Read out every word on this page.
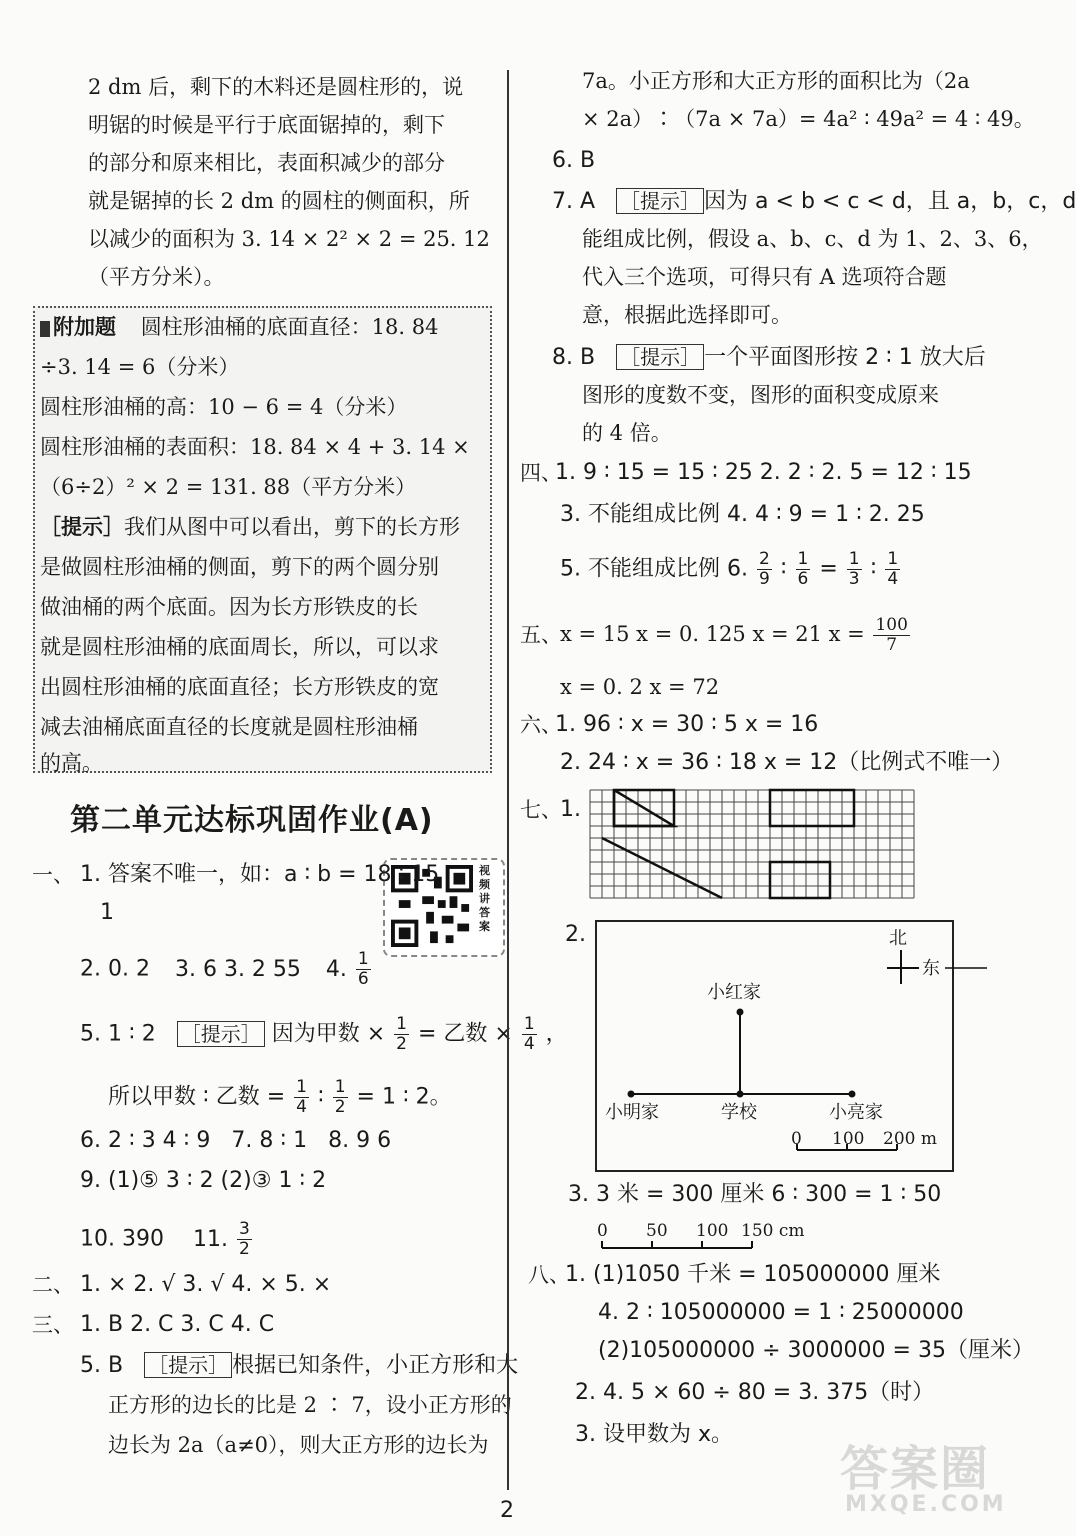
2 dm 后，剩下的木料还是圆柱形的，说
明锯的时候是平行于底面锯掉的，剩下
的部分和原来相比，表面积减少的部分
就是锯掉的长 2 dm 的圆柱的侧面积，所
以减少的面积为 3. 14 × 2² × 2 = 25. 12
（平方分米）。
附加题 圆柱形油桶的底面直径：18. 84
÷3. 14 = 6（分米）
圆柱形油桶的高：10 − 6 = 4（分米）
圆柱形油桶的表面积：18. 84 × 4 + 3. 14 ×
（6÷2）² × 2 = 131. 88（平方分米）
［提示］我们从图中可以看出，剪下的长方形
是做圆柱形油桶的侧面，剪下的两个圆分别
做油桶的两个底面。因为长方形铁皮的长
就是圆柱形油桶的底面周长，所以，可以求
出圆柱形油桶的底面直径；长方形铁皮的宽
减去油桶底面直径的长度就是圆柱形油桶
的高。
第二单元达标巩固作业(A)
视频讲答案
一、 1. 答案不唯一，如：a ∶ b = 18 ∶ 15
1
2. 0. 2 3. 6 3. 2 55 4. $\frac{1}{6}$
5. 1 ∶ 2 ［提示］ 因为甲数 × $\frac{1}{2}$ = 乙数 × $\frac{1}{4}$ ，
所以甲数 ∶ 乙数 = $\frac{1}{4}$ ∶ $\frac{1}{2} = 1$ ∶ 2。
6. 2 ∶ 3 4 ∶ 9 7. 8 ∶ 1 8. 9 6
9. (1)⑤ 3 ∶ 2 (2)③ 1 ∶ 2
10. 390 11. $\frac{3}{2}$
二、 1. × 2. √ 3. √ 4. × 5. ×
三、 1. B 2. C 3. C 4. C
5. B ［提示］ 根据已知条件，小正方形和大
正方形的边长的比是 2 ∶ 7，设小正方形的
边长为 2a（a≠0），则大正方形的边长为
7a。小正方形和大正方形的面积比为（2a
× 2a）∶（7a × 7a）= 4a² ∶ 49a² = 4 ∶ 49。
6. B
7. A ［提示］ 因为 a < b < c < d，且 a，b，c，d
能组成比例，假设 a、b、c、d 为 1、2、3、6，
代入三个选项，可得只有 A 选项符合题
意，根据此选择即可。
8. B ［提示］ 一个平面图形按 2 ∶ 1 放大后
图形的度数不变，图形的面积变成原来
的 4 倍。
四、
1. 9 ∶ 15 = 15 ∶ 25 2. 2 ∶ 2. 5 = 12 ∶ 15
3. 不能组成比例 4. 4 ∶ 9 = 1 ∶ 2. 25
5. 不能组成比例 6. $\frac{2}{9}$ ∶ $\frac{1}{6} = \frac{1}{3}$ ∶ $\frac{1}{4}$
五、
x = 15 x = 0. 125 x = 21 $x = \frac{100}{7}$
x = 0. 2 x = 72
六、
1. 96 ∶ x = 30 ∶ 5 x = 16
2. 24 ∶ x = 36 ∶ 18 x = 12（比例式不唯一）
七、
1.
2.	北
东
小红家
小明家	学校	小亮家
0 100 200 m
3. 3 米 = 300 厘米 6 ∶ 300 = 1 ∶ 50
0 50 100 150 cm
八、
1. (1)1050 千米 = 105000000 厘米
4. 2 ∶ 105000000 = 1 ∶ 25000000
(2)105000000 ÷ 3000000 = 35（厘米）
2. 4. 5 × 60 ÷ 80 = 3. 375（时）
3. 设甲数为 x。
2
答案圈
MXQE.COM
